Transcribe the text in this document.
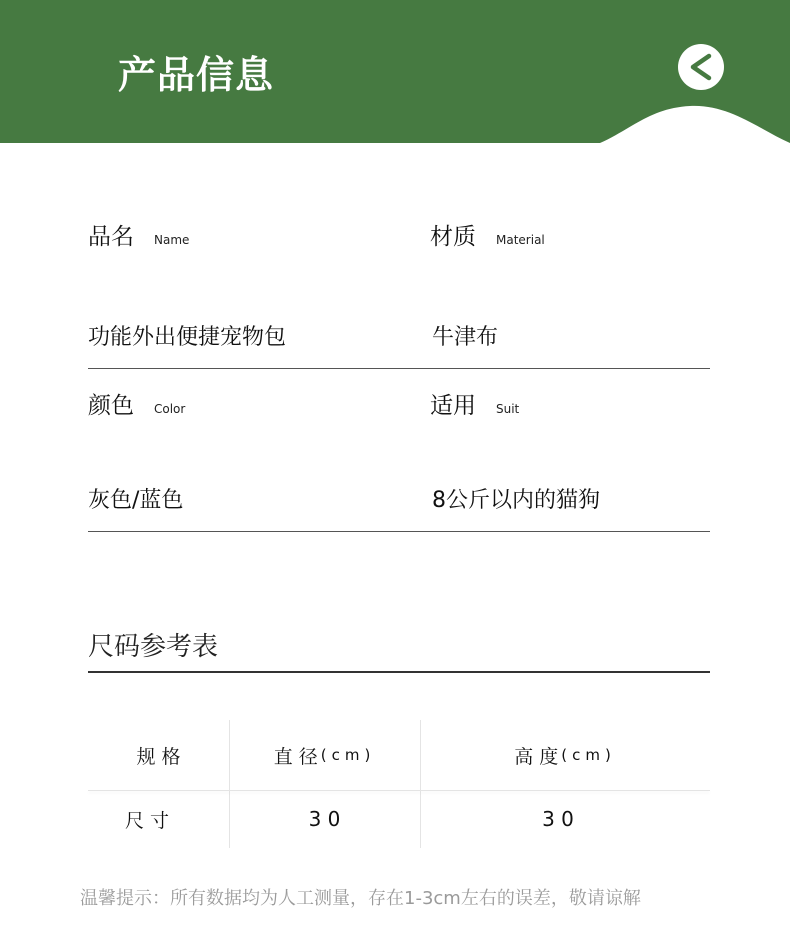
产品信息
品名 Name
功能外出便捷宠物包
材质 Material
牛津布
颜色 Color
灰色/蓝色
适用 Suit
8公斤以内的猫狗
尺码参考表
规 格	直 径 (cm)	高 度 (cm)
尺 寸	3 0	3 0
温馨提示：所有数据均为人工测量，存在1-3cm左右的误差，敬请谅解
